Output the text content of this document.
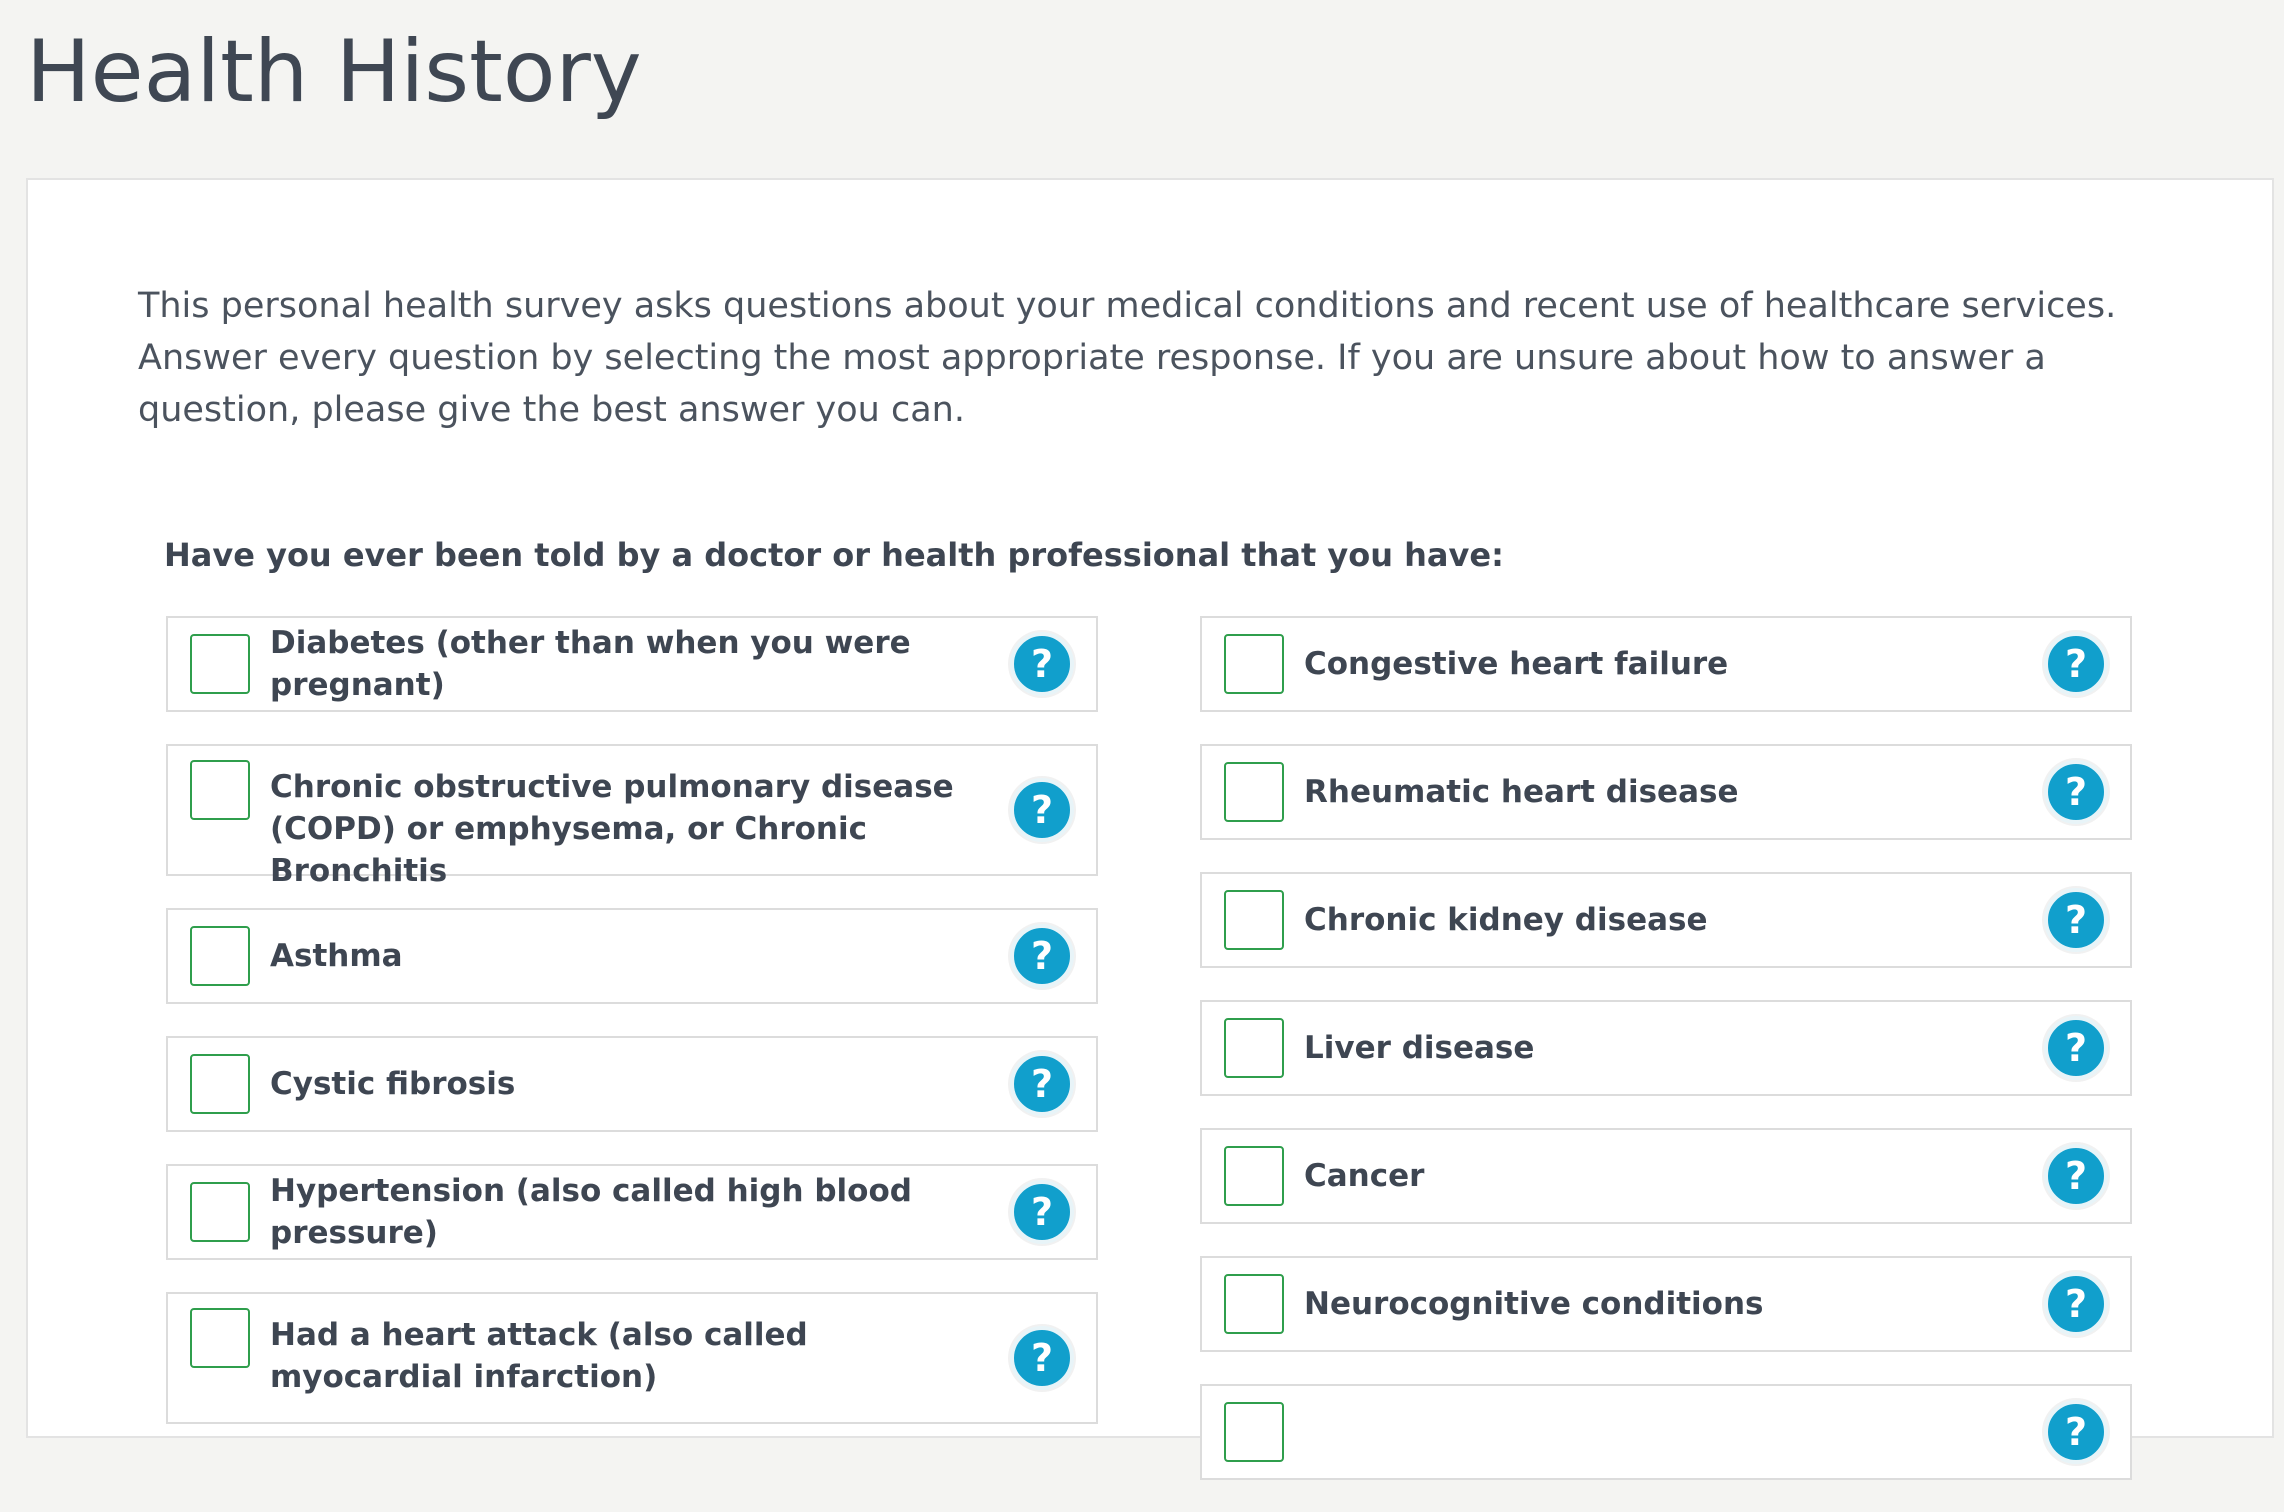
Health History

This personal health survey asks questions about your medical conditions and recent use of healthcare services. Answer every question by selecting the most appropriate response. If you are unsure about how to answer a question, please give the best answer you can.

Have you ever been told by a doctor or health professional that you have:
Diabetes (other than when you were pregnant)	?
Chronic obstructive pulmonary disease (COPD) or emphysema, or Chronic Bronchitis
?
Asthma	?
Cystic fibrosis	?
Hypertension (also called high blood pressure)	?
Had a heart attack (also called myocardial infarction)	?
Congestive heart failure	?
Rheumatic heart disease	?
Chronic kidney disease	?
Liver disease	?
Cancer	?
Neurocognitive conditions	?
?
